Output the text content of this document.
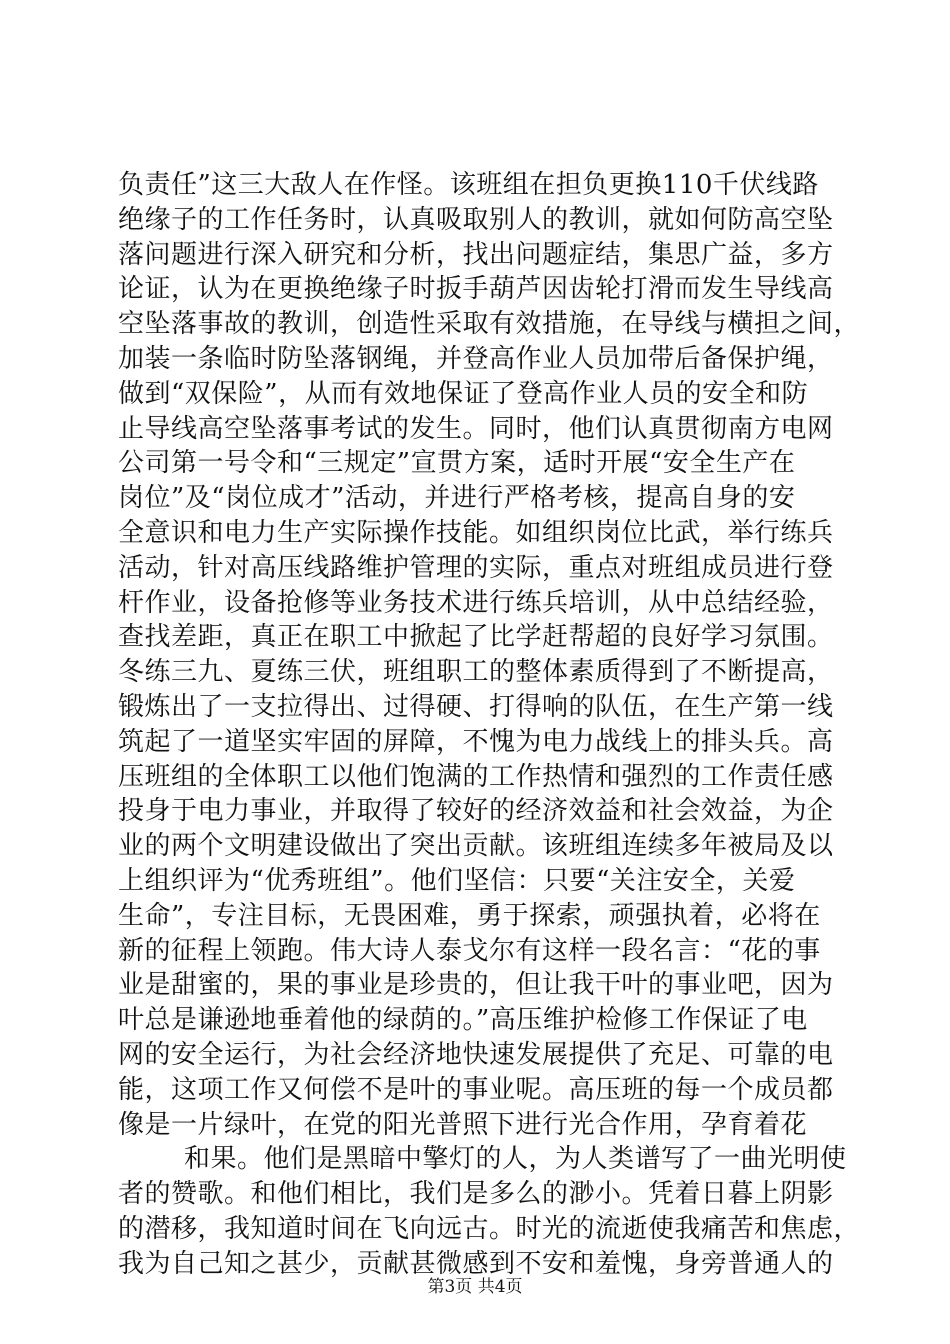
负责任”这三大敌人在作怪。该班组在担负更换110千伏线路
绝缘子的工作任务时，认真吸取别人的教训，就如何防高空坠
落问题进行深入研究和分析，找出问题症结，集思广益，多方
论证，认为在更换绝缘子时扳手葫芦因齿轮打滑而发生导线高
空坠落事故的教训，创造性采取有效措施，在导线与横担之间，
加装一条临时防坠落钢绳，并登高作业人员加带后备保护绳，
做到“双保险”，从而有效地保证了登高作业人员的安全和防
止导线高空坠落事考试的发生。同时，他们认真贯彻南方电网
公司第一号令和“三规定”宣贯方案，适时开展“安全生产在
岗位”及“岗位成才”活动，并进行严格考核，提高自身的安
全意识和电力生产实际操作技能。如组织岗位比武，举行练兵
活动，针对高压线路维护管理的实际，重点对班组成员进行登
杆作业，设备抢修等业务技术进行练兵培训，从中总结经验，
查找差距，真正在职工中掀起了比学赶帮超的良好学习氛围。
冬练三九、夏练三伏，班组职工的整体素质得到了不断提高，
锻炼出了一支拉得出、过得硬、打得响的队伍，在生产第一线
筑起了一道坚实牢固的屏障，不愧为电力战线上的排头兵。高
压班组的全体职工以他们饱满的工作热情和强烈的工作责任感
投身于电力事业，并取得了较好的经济效益和社会效益，为企
业的两个文明建设做出了突出贡献。该班组连续多年被局及以
上组织评为“优秀班组”。他们坚信：只要“关注安全，关爱
生命”，专注目标，无畏困难，勇于探索，顽强执着，必将在
新的征程上领跑。伟大诗人泰戈尔有这样一段名言：“花的事
业是甜蜜的，果的事业是珍贵的，但让我干叶的事业吧，因为
叶总是谦逊地垂着他的绿荫的。”高压维护检修工作保证了电
网的安全运行，为社会经济地快速发展提供了充足、可靠的电
能，这项工作又何偿不是叶的事业呢。高压班的每一个成员都
像是一片绿叶，在党的阳光普照下进行光合作用，孕育着花
和果。他们是黑暗中擎灯的人，为人类谱写了一曲光明使
者的赞歌。和他们相比，我们是多么的渺小。凭着日暮上阴影
的潜移，我知道时间在飞向远古。时光的流逝使我痛苦和焦虑，
我为自己知之甚少，贡献甚微感到不安和羞愧，身旁普通人的
第3页 共4页
